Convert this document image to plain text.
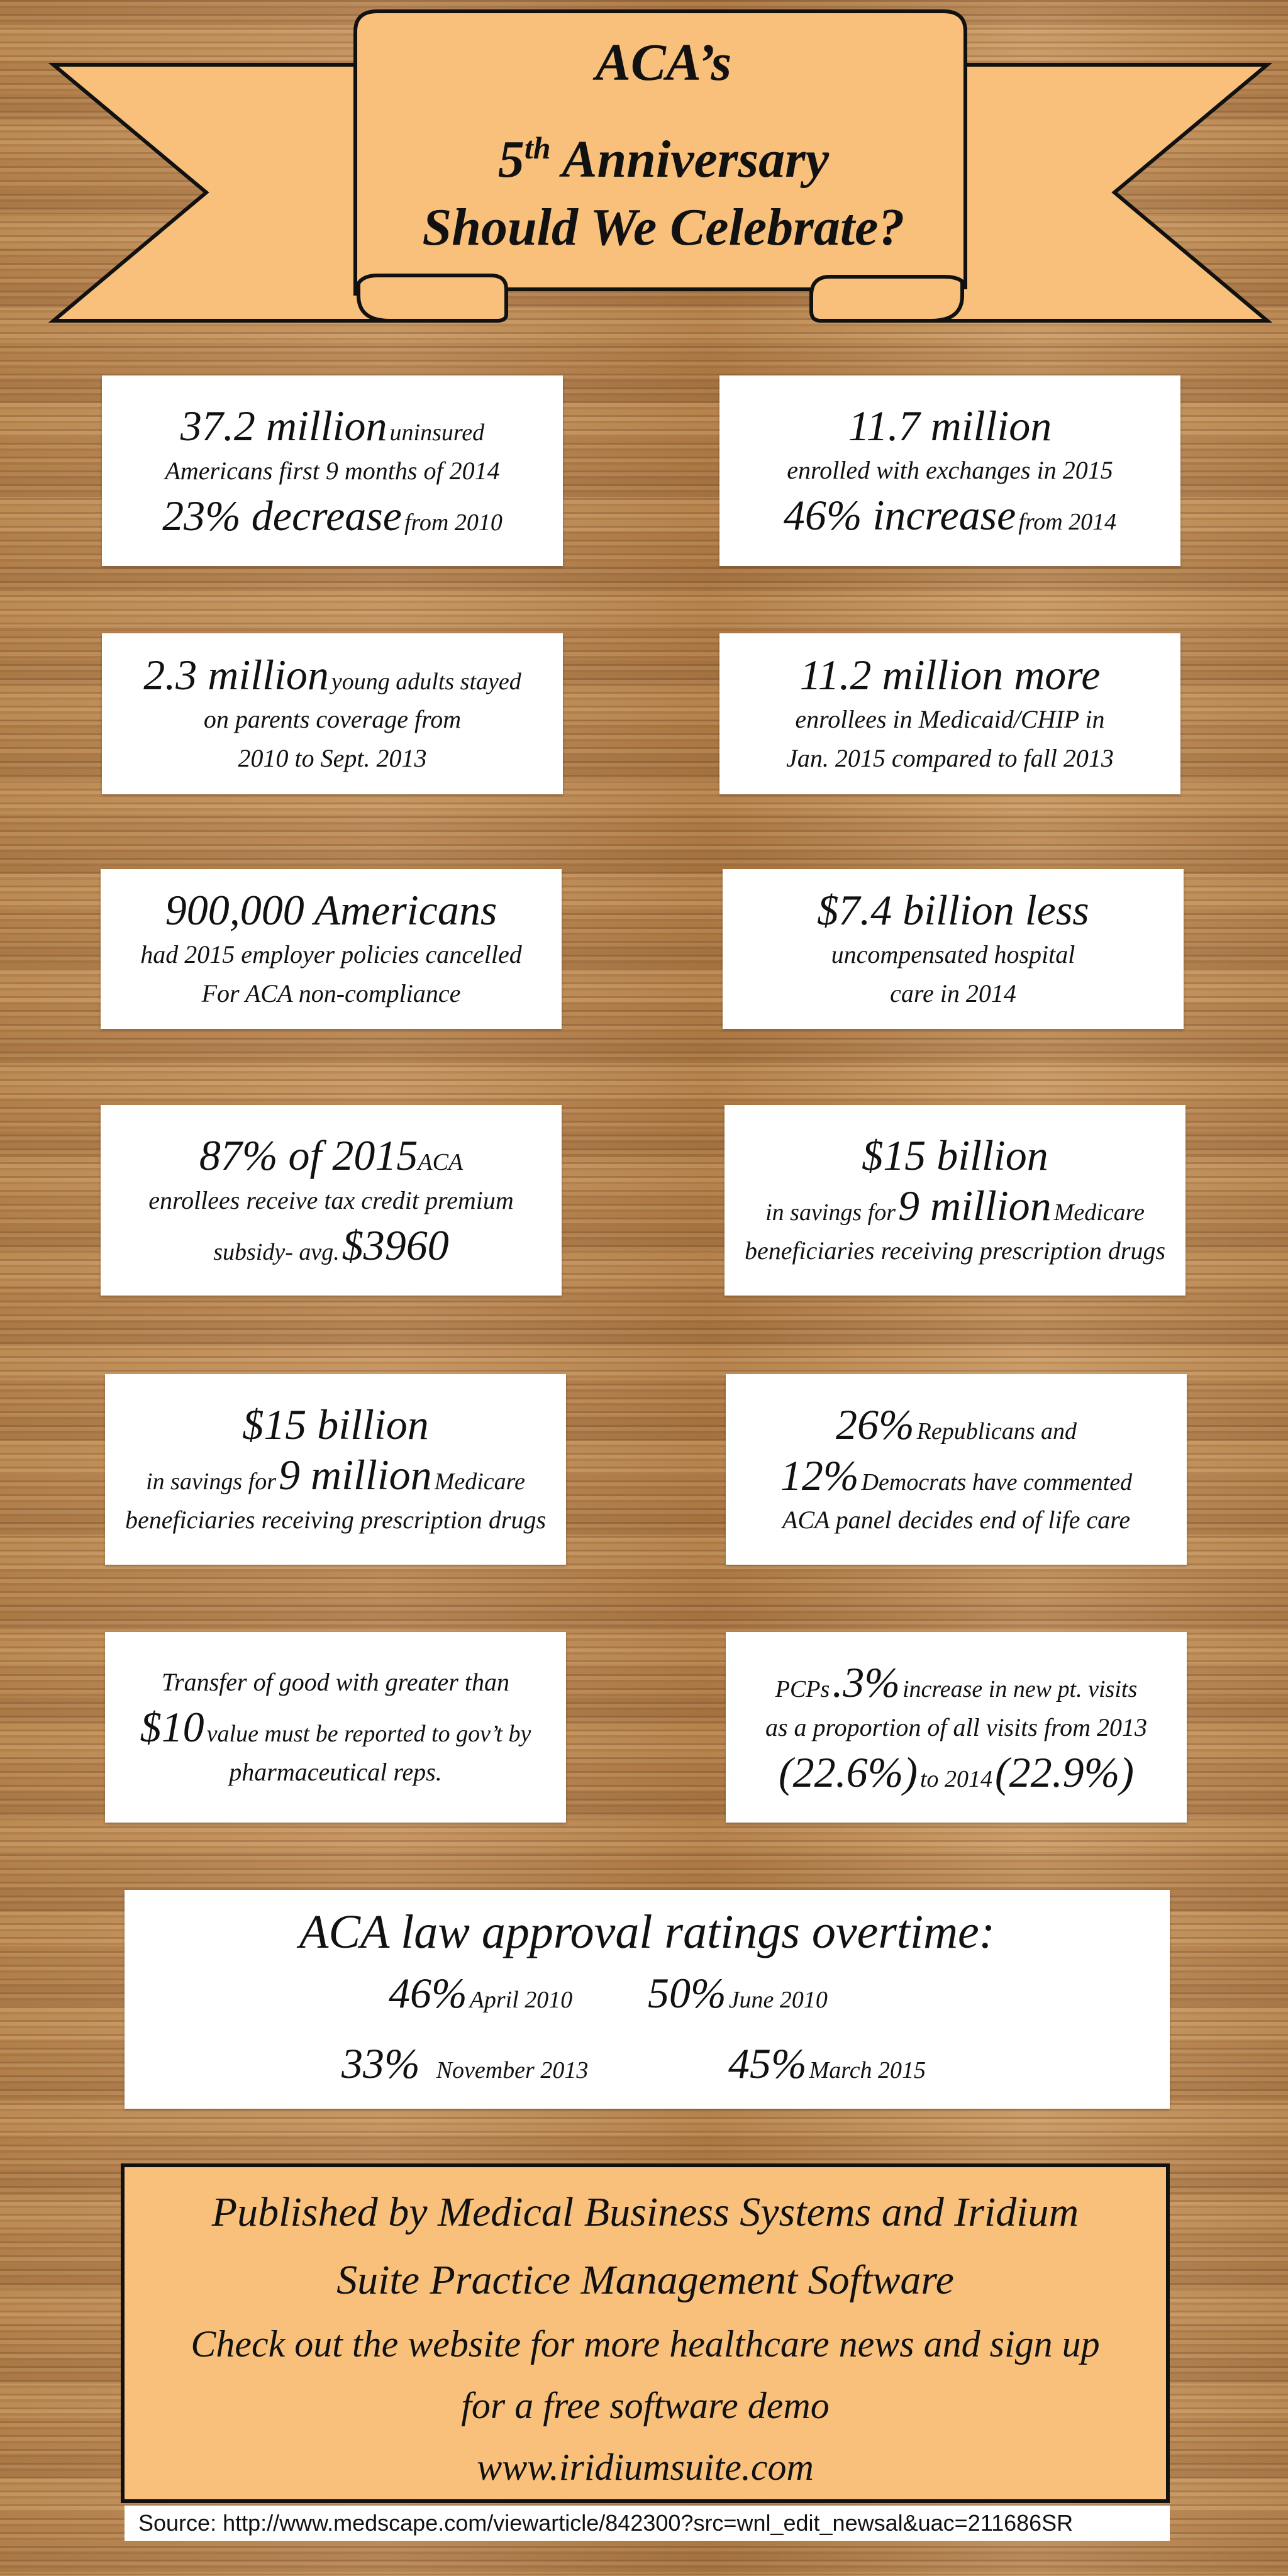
ACA’s
5th Anniversary
Should We Celebrate?
37.2 million uninsured
Americans first 9 months of 2014
23% decrease from 2010
11.7 million
enrolled with exchanges in 2015
46% increase from 2014
2.3 million young adults stayed
on parents coverage from
2010 to Sept. 2013
11.2 million more
enrollees in Medicaid/CHIP in
Jan. 2015 compared to fall 2013
900,000 Americans
had 2015 employer policies cancelled
For ACA non-compliance
$7.4 billion less
uncompensated hospital
care in 2014
87% of 2015ACA
enrollees receive tax credit premium
subsidy- avg. $3960
$15 billion
in savings for 9 million Medicare
beneficiaries receiving prescription drugs
$15 billion
in savings for 9 million Medicare
beneficiaries receiving prescription drugs
26% Republicans and
12% Democrats have commented
ACA panel decides end of life care
Transfer of good with greater than
$10 value must be reported to gov’t by
pharmaceutical reps.
PCPs .3% increase in new pt. visits
as a proportion of all visits from 2013
(22.6%) to 2014 (22.9%)
ACA law approval ratings overtime:
46% April 2010 50% June 2010
33% November 2013	45% March 2015
Published by Medical Business Systems and Iridium
Suite Practice Management Software
Check out the website for more healthcare news and sign up
for a free software demo
www.iridiumsuite.com
Source: http://www.medscape.com/viewarticle/842300?src=wnl_edit_newsal&uac=211686SR
